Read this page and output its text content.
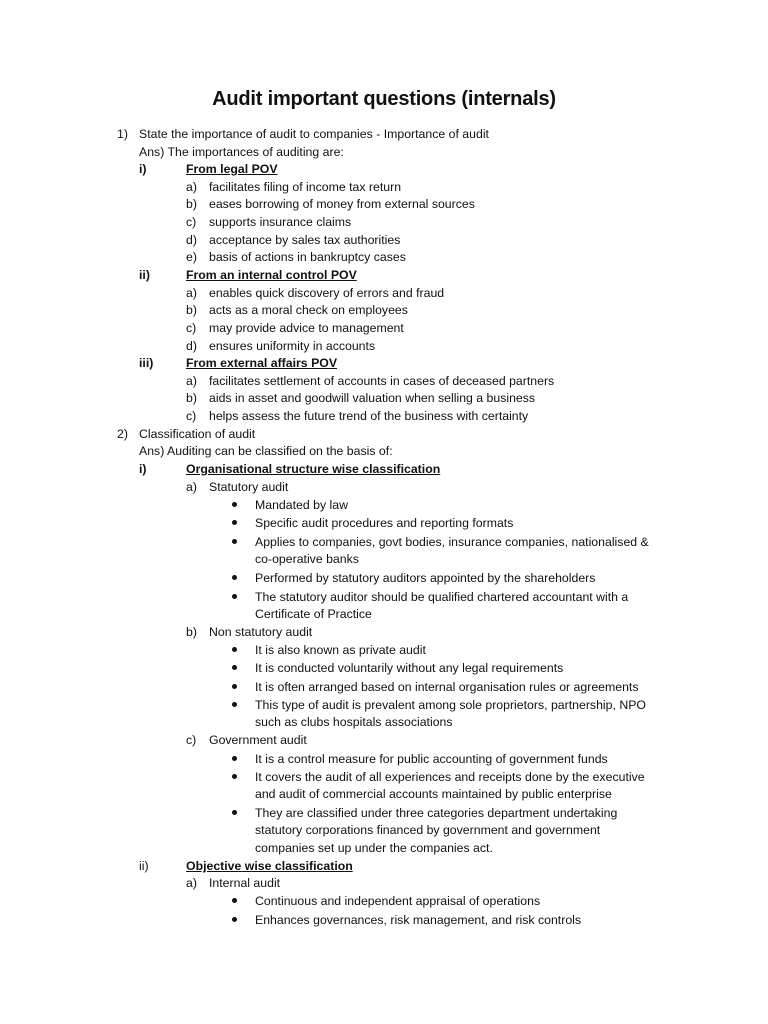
Audit important questions (internals)
1) State the importance of audit to companies - Importance of audit
Ans) The importances of auditing are:
i)	From legal POV
a) facilitates filing of income tax return
b) eases borrowing of money from external sources
c) supports insurance claims
d) acceptance by sales tax authorities
e) basis of actions in bankruptcy cases
ii)	From an internal control POV
a) enables quick discovery of errors and fraud
b) acts as a moral check on employees
c) may provide advice to management
d) ensures uniformity in accounts
iii)	From external affairs POV
a) facilitates settlement of accounts in cases of deceased partners
b) aids in asset and goodwill valuation when selling a business
c) helps assess the future trend of the business with certainty
2) Classification of audit
Ans) Auditing can be classified on the basis of:
i)	Organisational structure wise classification
a) Statutory audit
Mandated by law
Specific audit procedures and reporting formats
Applies to companies, govt bodies, insurance companies, nationalised &
co-operative banks
Performed by statutory auditors appointed by the shareholders
The statutory auditor should be qualified chartered accountant with a
Certificate of Practice
b) Non statutory audit
It is also known as private audit
It is conducted voluntarily without any legal requirements
It is often arranged based on internal organisation rules or agreements
This type of audit is prevalent among sole proprietors, partnership, NPO
such as clubs hospitals associations
c) Government audit
It is a control measure for public accounting of government funds
It covers the audit of all experiences and receipts done by the executive
and audit of commercial accounts maintained by public enterprise
They are classified under three categories department undertaking
statutory corporations financed by government and government
companies set up under the companies act.
ii)	Objective wise classification
a) Internal audit
Continuous and independent appraisal of operations
Enhances governances, risk management, and risk controls
